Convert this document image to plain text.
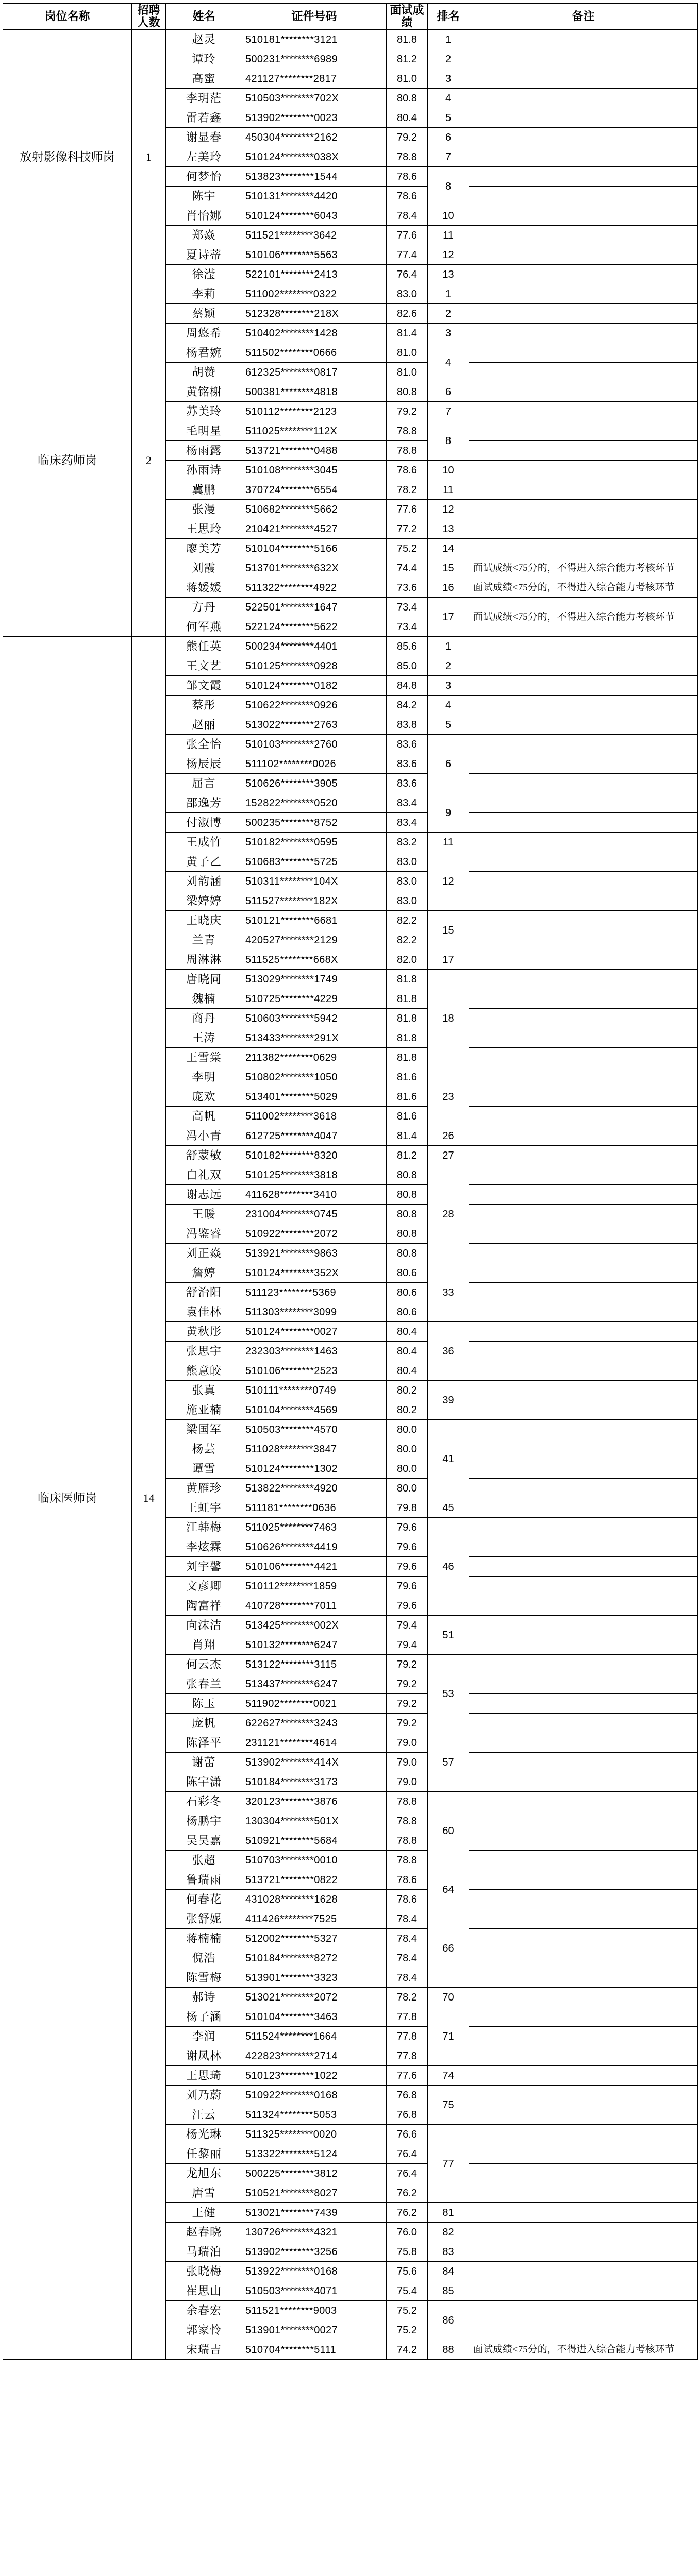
岗位名称	招聘人数	姓名	证件号码	面试成绩	排名	备注
放射影像科技师岗	1	赵灵	510181********3121	81.8	1	
		谭玲	500231********6989	81.2	2	
		高蜜	421127********2817	81.0	3	
		李玥茫	510503********702X	80.8	4	
		雷若鑫	513902********0023	80.4	5	
		谢显春	450304********2162	79.2	6	
		左美玲	510124********038X	78.8	7	
		何梦怡	513823********1544	78.6	8	
		陈宇	510131********4420	78.6		
		肖怡娜	510124********6043	78.4	10	
		郑焱	511521********3642	77.6	11	
		夏诗蒂	510106********5563	77.4	12	
		徐滢	522101********2413	76.4	13	
临床药师岗	2	李莉	511002********0322	83.0	1	
		蔡颖	512328********218X	82.6	2	
		周悠希	510402********1428	81.4	3	
		杨君婉	511502********0666	81.0	4	
		胡赞	612325********0817	81.0		
		黄铭榭	500381********4818	80.8	6	
		苏美玲	510112********2123	79.2	7	
		毛明星	511025********112X	78.8	8	
		杨雨露	513721********0488	78.8		
		孙雨诗	510108********3045	78.6	10	
		冀鹏	370724********6554	78.2	11	
		张漫	510682********5662	77.6	12	
		王思玲	210421********4527	77.2	13	
		廖美芳	510104********5166	75.2	14	
		刘霞	513701********632X	74.4	15	面试成绩<75分的，不得进入综合能力考核环节
		蒋媛媛	511322********4922	73.6	16	面试成绩<75分的，不得进入综合能力考核环节
		方丹	522501********1647	73.4	17	面试成绩<75分的，不得进入综合能力考核环节
		何军燕	522124********5622	73.4		
临床医师岗	14	熊任英	500234********4401	85.6	1	
		王文艺	510125********0928	85.0	2	
		邹文霞	510124********0182	84.8	3	
		蔡彤	510622********0926	84.2	4	
		赵丽	513022********2763	83.8	5	
		张全怡	510103********2760	83.6	6	
		杨辰辰	511102********0026	83.6		
		屈言	510626********3905	83.6		
		邵逸芳	152822********0520	83.4	9	
		付淑博	500235********8752	83.4		
		王成竹	510182********0595	83.2	11	
		黄子乙	510683********5725	83.0	12	
		刘韵涵	510311********104X	83.0		
		梁婷婷	511527********182X	83.0		
		王晓庆	510121********6681	82.2	15	
		兰青	420527********2129	82.2		
		周淋淋	511525********668X	82.0	17	
		唐晓同	513029********1749	81.8	18	
		魏楠	510725********4229	81.8		
		商丹	510603********5942	81.8		
		王涛	513433********291X	81.8		
		王雪棠	211382********0629	81.8		
		李明	510802********1050	81.6	23	
		庞欢	513401********5029	81.6		
		高帆	511002********3618	81.6		
		冯小青	612725********4047	81.4	26	
		舒蒙敏	510182********8320	81.2	27	
		白礼双	510125********3818	80.8	28	
		谢志远	411628********3410	80.8		
		王暖	231004********0745	80.8		
		冯鉴睿	510922********2072	80.8		
		刘正焱	513921********9863	80.8		
		詹婷	510124********352X	80.6	33	
		舒治阳	511123********5369	80.6		
		袁佳林	511303********3099	80.6		
		黄秋彤	510124********0027	80.4	36	
		张思宇	232303********1463	80.4		
		熊意皎	510106********2523	80.4		
		张真	510111********0749	80.2	39	
		施亚楠	510104********4569	80.2		
		梁国军	510503********4570	80.0	41	
		杨芸	511028********3847	80.0		
		谭雪	510124********1302	80.0		
		黄雁珍	513822********4920	80.0		
		王虹宇	511181********0636	79.8	45	
		江韩梅	511025********7463	79.6	46	
		李炫霖	510626********4419	79.6		
		刘宇馨	510106********4421	79.6		
		文彦卿	510112********1859	79.6		
		陶富祥	410728********7011	79.6		
		向沫洁	513425********002X	79.4	51	
		肖翔	510132********6247	79.4		
		何云杰	513122********3115	79.2	53	
		张春兰	513437********6247	79.2		
		陈玉	511902********0021	79.2		
		庞帆	622627********3243	79.2		
		陈泽平	231121********4614	79.0	57	
		谢蕾	513902********414X	79.0		
		陈宇潇	510184********3173	79.0		
		石彩冬	320123********3876	78.8	60	
		杨鹏宇	130304********501X	78.8		
		吴昊嘉	510921********5684	78.8		
		张超	510703********0010	78.8		
		鲁瑞雨	513721********0822	78.6	64	
		何春花	431028********1628	78.6		
		张舒妮	411426********7525	78.4	66	
		蒋楠楠	512002********5327	78.4		
		倪浩	510184********8272	78.4		
		陈雪梅	513901********3323	78.4		
		郝诗	513021********2072	78.2	70	
		杨子涵	510104********3463	77.8	71	
		李润	511524********1664	77.8		
		谢凤林	422823********2714	77.8		
		王思琦	510123********1022	77.6	74	
		刘乃蔚	510922********0168	76.8	75	
		汪云	511324********5053	76.8		
		杨光琳	511325********0020	76.6	77	
		任黎丽	513322********5124	76.4		
		龙旭东	500225********3812	76.4		
		唐雪	510521********8027	76.2		
		王健	513021********7439	76.2	81	
		赵春晓	130726********4321	76.0	82	
		马瑞泊	513902********3256	75.8	83	
		张晓梅	513922********0168	75.6	84	
		崔思山	510503********4071	75.4	85	
		余春宏	511521********9003	75.2	86	
		郭家怜	513901********0027	75.2		
		宋瑞吉	510704********5111	74.2	88	面试成绩<75分的，不得进入综合能力考核环节
